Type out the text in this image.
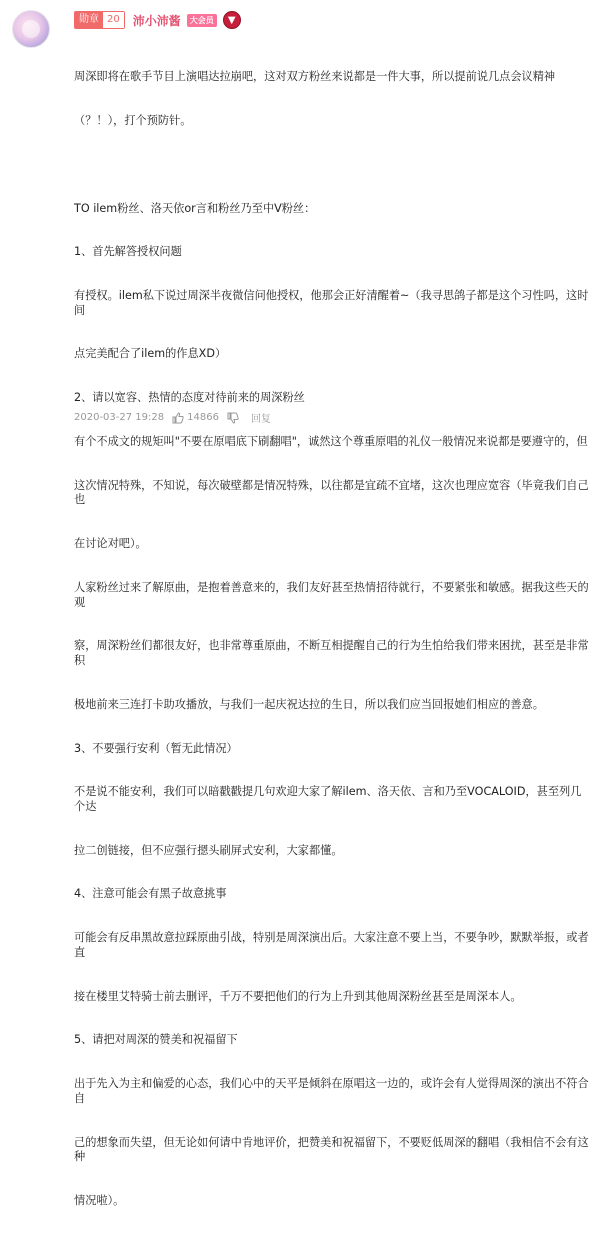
勋章 20	沛小沛酱	大会员	▼

周深即将在歌手节目上演唱达拉崩吧，这对双方粉丝来说都是一件大事，所以提前说几点会议精神

（？！），打个预防针。

TO ilem粉丝、洛天依or言和粉丝乃至中V粉丝：

1、首先解答授权问题

有授权。ilem私下说过周深半夜微信问他授权，他那会正好清醒着~（我寻思鸽子都是这个习性吗，这时间

点完美配合了ilem的作息XD）

2、请以宽容、热情的态度对待前来的周深粉丝

有个不成文的规矩叫"不要在原唱底下刷翻唱"，诚然这个尊重原唱的礼仪一般情况来说都是要遵守的，但

这次情况特殊，不知说，每次破壁都是情况特殊，以往都是宜疏不宜堵，这次也理应宽容（毕竟我们自己也

在讨论对吧）。

人家粉丝过来了解原曲，是抱着善意来的，我们友好甚至热情招待就行，不要紧张和敏感。据我这些天的观

察，周深粉丝们都很友好，也非常尊重原曲，不断互相提醒自己的行为生怕给我们带来困扰，甚至是非常积

极地前来三连打卡助攻播放，与我们一起庆祝达拉的生日，所以我们应当回报她们相应的善意。

3、不要强行安利（暂无此情况）

不是说不能安利，我们可以暗戳戳提几句欢迎大家了解ilem、洛天依、言和乃至VOCALOID，甚至列几个达

拉二创链接，但不应强行摁头刷屏式安利，大家都懂。

4、注意可能会有黑子故意挑事

可能会有反串黑故意拉踩原曲引战，特别是周深演出后。大家注意不要上当，不要争吵，默默举报，或者直

接在楼里艾特骑士前去删评，千万不要把他们的行为上升到其他周深粉丝甚至是周深本人。

5、请把对周深的赞美和祝福留下

出于先入为主和偏爱的心态，我们心中的天平是倾斜在原唱这一边的，或许会有人觉得周深的演出不符合自

己的想象而失望，但无论如何请中肯地评价，把赞美和祝福留下，不要贬低周深的翻唱（我相信不会有这种

情况啦）。

2020-03-27 19:28 14866	回复
